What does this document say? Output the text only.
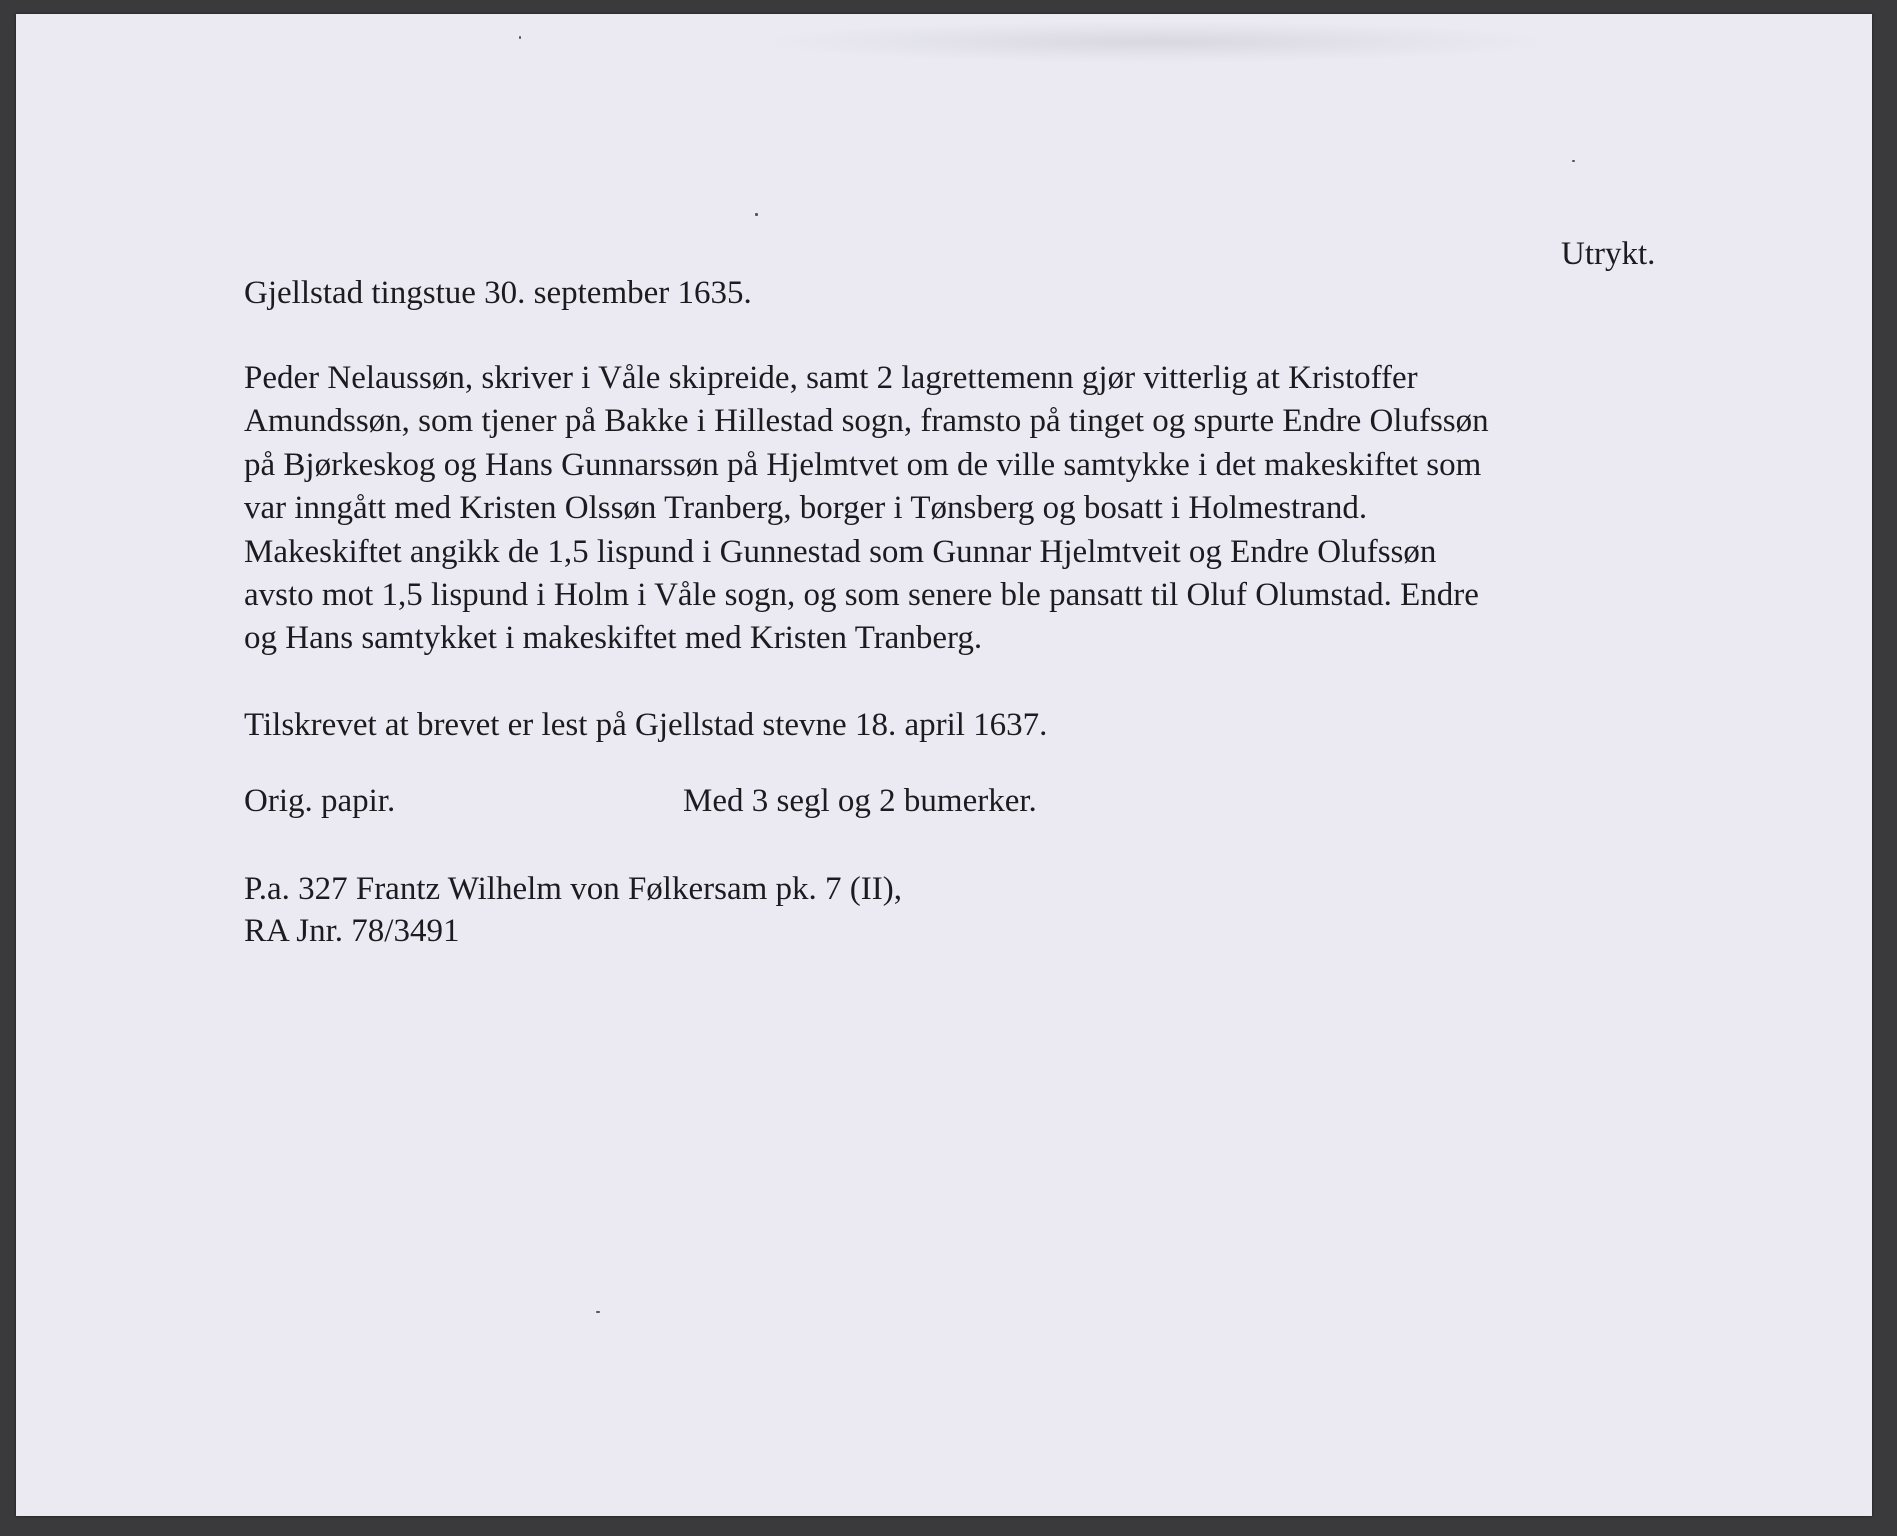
Utrykt.
Gjellstad tingstue 30. september 1635.
Peder Nelaussøn, skriver i Våle skipreide, samt 2 lagrettemenn gjør vitterlig at Kristoffer
Amundssøn, som tjener på Bakke i Hillestad sogn, framsto på tinget og spurte Endre Olufssøn
på Bjørkeskog og Hans Gunnarssøn på Hjelmtvet om de ville samtykke i det makeskiftet som
var inngått med Kristen Olssøn Tranberg, borger i Tønsberg og bosatt i Holmestrand.
Makeskiftet angikk de 1,5 lispund i Gunnestad som Gunnar Hjelmtveit og Endre Olufssøn
avsto mot 1,5 lispund i Holm i Våle sogn, og som senere ble pansatt til Oluf Olumstad. Endre
og Hans samtykket i makeskiftet med Kristen Tranberg.
Tilskrevet at brevet er lest på Gjellstad stevne 18. april 1637.
Orig. papir.	Med 3 segl og 2 bumerker.
P.a. 327 Frantz Wilhelm von Følkersam pk. 7 (II),
RA Jnr. 78/3491
